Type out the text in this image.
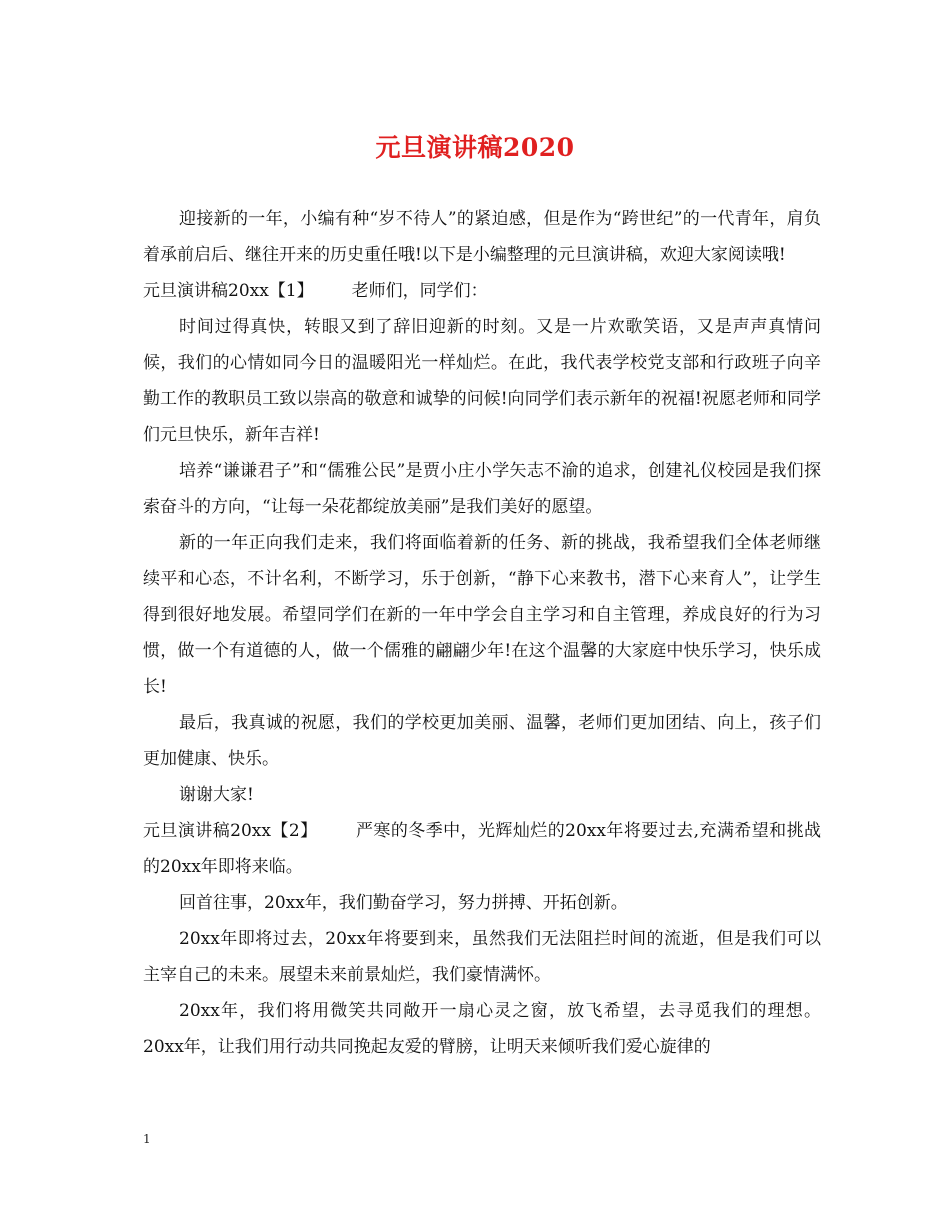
元旦演讲稿2020

迎接新的一年，小编有种“岁不待人”的紧迫感，但是作为“跨世纪”的一代青年，肩负着承前启后、继往开来的历史重任哦!以下是小编整理的元旦演讲稿，欢迎大家阅读哦!

元旦演讲稿20xx【1】 老师们，同学们：

时间过得真快，转眼又到了辞旧迎新的时刻。又是一片欢歌笑语，又是声声真情问候，我们的心情如同今日的温暖阳光一样灿烂。在此，我代表学校党支部和行政班子向辛勤工作的教职员工致以崇高的敬意和诚挚的问候!向同学们表示新年的祝福!祝愿老师和同学们元旦快乐，新年吉祥!

培养“谦谦君子”和“儒雅公民”是贾小庄小学矢志不渝的追求，创建礼仪校园是我们探索奋斗的方向，“让每一朵花都绽放美丽”是我们美好的愿望。

新的一年正向我们走来，我们将面临着新的任务、新的挑战，我希望我们全体老师继续平和心态，不计名利，不断学习，乐于创新，“静下心来教书，潜下心来育人”，让学生得到很好地发展。希望同学们在新的一年中学会自主学习和自主管理，养成良好的行为习惯，做一个有道德的人，做一个儒雅的翩翩少年!在这个温馨的大家庭中快乐学习，快乐成长!

最后，我真诚的祝愿，我们的学校更加美丽、温馨，老师们更加团结、向上，孩子们更加健康、快乐。

谢谢大家!

元旦演讲稿20xx【2】 严寒的冬季中，光辉灿烂的20xx年将要过去,充满希望和挑战的20xx年即将来临。

回首往事，20xx年，我们勤奋学习，努力拼搏、开拓创新。

20xx年即将过去，20xx年将要到来，虽然我们无法阻拦时间的流逝，但是我们可以主宰自己的未来。展望未来前景灿烂，我们豪情满怀。

20xx年，我们将用微笑共同敞开一扇心灵之窗，放飞希望，去寻觅我们的理想。20xx年，让我们用行动共同挽起友爱的臂膀，让明天来倾听我们爱心旋律的

1
